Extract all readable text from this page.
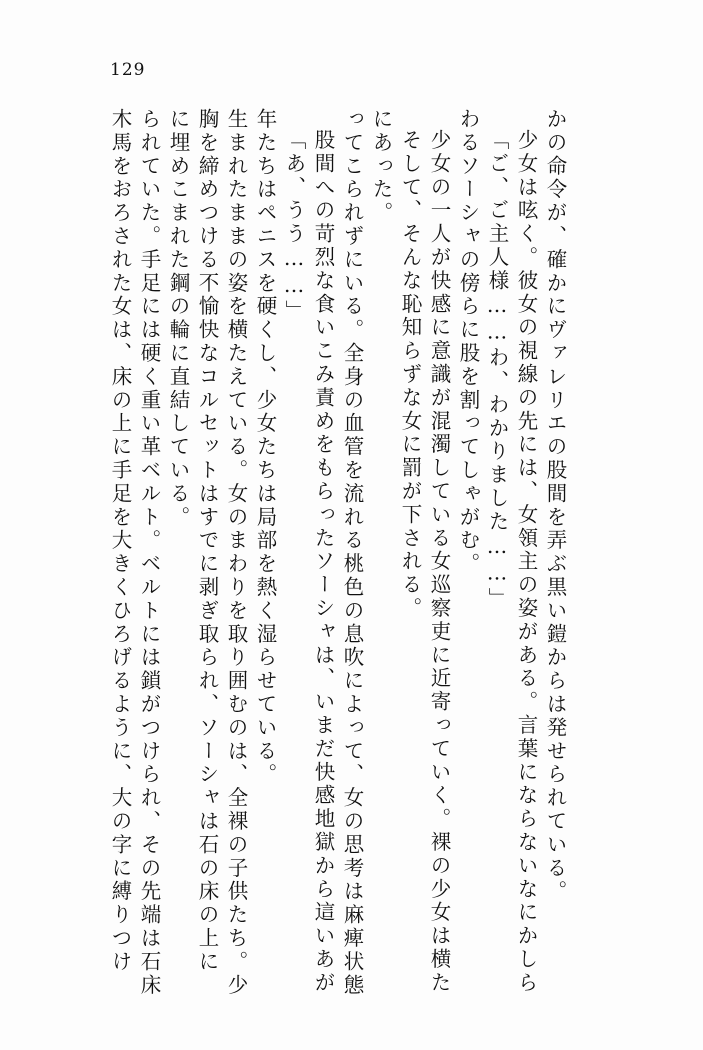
129
木馬をおろされた女は、床の上に手足を大きくひろげるように、大の字に縛りつけ られていた。手足には硬く重い革ベルト。ベルトには鎖がつけられ、その先端は石床 に埋めこまれた鋼の輪に直結している。 胸を締めつける不愉快なコルセットはすでに剥ぎ取られ、ソーシャは石の床の上に 生まれたままの姿を横たえている。女のまわりを取り囲むのは、全裸の子供たち。少 年たちはペニスを硬くし、少女たちは局部を熱く湿らせている。 「あ、うう……」 股間への苛烈な食いこみ責めをもらったソーシャは、いまだ快感地獄から這いあが ってこられずにいる。全身の血管を流れる桃色の息吹によって、女の思考は麻痺状態 にあった。 そして、そんな恥知らずな女に罰が下される。 少女の一人が快感に意識が混濁している女巡察吏に近寄っていく。裸の少女は横た わるソーシャの傍らに股を割ってしゃがむ。 「ご、ご主人様……わ、わかりました……」 少女は呟く。彼女の視線の先には、女領主の姿がある。言葉にならないなにかしら かの命令が、確かにヴァレリエの股間を弄ぶ黒い鎧からは発せられている。
